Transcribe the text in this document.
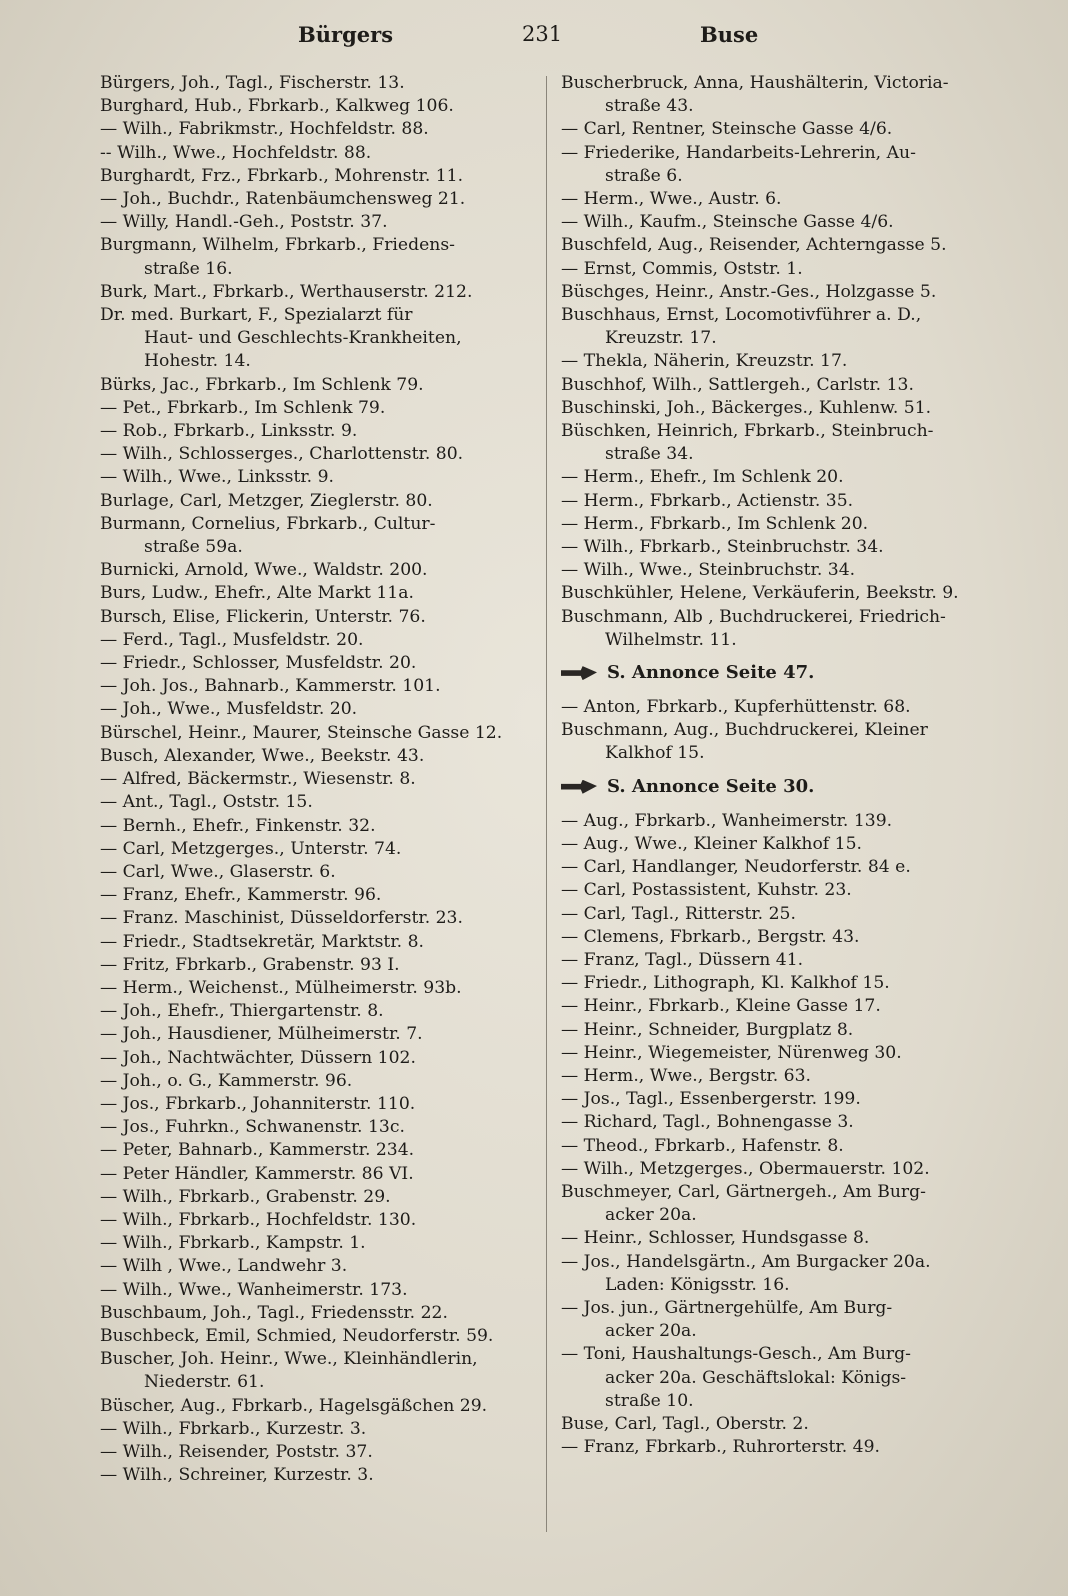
Bürgers	231	Buse
Bürgers, Joh., Tagl., Fischerstr. 13.
Burghard, Hub., Fbrkarb., Kalkweg 106.
— Wilh., Fabrikmstr., Hochfeldstr. 88.
-- Wilh., Wwe., Hochfeldstr. 88.
Burghardt, Frz., Fbrkarb., Mohrenstr. 11.
— Joh., Buchdr., Ratenbäumchensweg 21.
— Willy, Handl.-Geh., Poststr. 37.
Burgmann, Wilhelm, Fbrkarb., Friedens-
straße 16.
Burk, Mart., Fbrkarb., Werthauserstr. 212.
Dr. med. Burkart, F., Spezialarzt für
Haut- und Geschlechts-Krankheiten,
Hohestr. 14.
Bürks, Jac., Fbrkarb., Im Schlenk 79.
— Pet., Fbrkarb., Im Schlenk 79.
— Rob., Fbrkarb., Linksstr. 9.
— Wilh., Schlosserges., Charlottenstr. 80.
— Wilh., Wwe., Linksstr. 9.
Burlage, Carl, Metzger, Zieglerstr. 80.
Burmann, Cornelius, Fbrkarb., Cultur-
straße 59a.
Burnicki, Arnold, Wwe., Waldstr. 200.
Burs, Ludw., Ehefr., Alte Markt 11a.
Bursch, Elise, Flickerin, Unterstr. 76.
— Ferd., Tagl., Musfeldstr. 20.
— Friedr., Schlosser, Musfeldstr. 20.
— Joh. Jos., Bahnarb., Kammerstr. 101.
— Joh., Wwe., Musfeldstr. 20.
Bürschel, Heinr., Maurer, Steinsche Gasse 12.
Busch, Alexander, Wwe., Beekstr. 43.
— Alfred, Bäckermstr., Wiesenstr. 8.
— Ant., Tagl., Oststr. 15.
— Bernh., Ehefr., Finkenstr. 32.
— Carl, Metzgerges., Unterstr. 74.
— Carl, Wwe., Glaserstr. 6.
— Franz, Ehefr., Kammerstr. 96.
— Franz. Maschinist, Düsseldorferstr. 23.
— Friedr., Stadtsekretär, Marktstr. 8.
— Fritz, Fbrkarb., Grabenstr. 93 I.
— Herm., Weichenst., Mülheimerstr. 93b.
— Joh., Ehefr., Thiergartenstr. 8.
— Joh., Hausdiener, Mülheimerstr. 7.
— Joh., Nachtwächter, Düssern 102.
— Joh., o. G., Kammerstr. 96.
— Jos., Fbrkarb., Johanniterstr. 110.
— Jos., Fuhrkn., Schwanenstr. 13c.
— Peter, Bahnarb., Kammerstr. 234.
— Peter Händler, Kammerstr. 86 VI.
— Wilh., Fbrkarb., Grabenstr. 29.
— Wilh., Fbrkarb., Hochfeldstr. 130.
— Wilh., Fbrkarb., Kampstr. 1.
— Wilh , Wwe., Landwehr 3.
— Wilh., Wwe., Wanheimerstr. 173.
Buschbaum, Joh., Tagl., Friedensstr. 22.
Buschbeck, Emil, Schmied, Neudorferstr. 59.
Buscher, Joh. Heinr., Wwe., Kleinhändlerin,
Niederstr. 61.
Büscher, Aug., Fbrkarb., Hagelsgäßchen 29.
— Wilh., Fbrkarb., Kurzestr. 3.
— Wilh., Reisender, Poststr. 37.
— Wilh., Schreiner, Kurzestr. 3.
Buscherbruck, Anna, Haushälterin, Victoria-
straße 43.
— Carl, Rentner, Steinsche Gasse 4/6.
— Friederike, Handarbeits-Lehrerin, Au-
straße 6.
— Herm., Wwe., Austr. 6.
— Wilh., Kaufm., Steinsche Gasse 4/6.
Buschfeld, Aug., Reisender, Achterngasse 5.
— Ernst, Commis, Oststr. 1.
Büschges, Heinr., Anstr.-Ges., Holzgasse 5.
Buschhaus, Ernst, Locomotivführer a. D.,
Kreuzstr. 17.
— Thekla, Näherin, Kreuzstr. 17.
Buschhof, Wilh., Sattlergeh., Carlstr. 13.
Buschinski, Joh., Bäckerges., Kuhlenw. 51.
Büschken, Heinrich, Fbrkarb., Steinbruch-
straße 34.
— Herm., Ehefr., Im Schlenk 20.
— Herm., Fbrkarb., Actienstr. 35.
— Herm., Fbrkarb., Im Schlenk 20.
— Wilh., Fbrkarb., Steinbruchstr. 34.
— Wilh., Wwe., Steinbruchstr. 34.
Buschkühler, Helene, Verkäuferin, Beekstr. 9.
Buschmann, Alb , Buchdruckerei, Friedrich-
Wilhelmstr. 11.
S. Annonce Seite 47.
— Anton, Fbrkarb., Kupferhüttenstr. 68.
Buschmann, Aug., Buchdruckerei, Kleiner
Kalkhof 15.
S. Annonce Seite 30.
— Aug., Fbrkarb., Wanheimerstr. 139.
— Aug., Wwe., Kleiner Kalkhof 15.
— Carl, Handlanger, Neudorferstr. 84 e.
— Carl, Postassistent, Kuhstr. 23.
— Carl, Tagl., Ritterstr. 25.
— Clemens, Fbrkarb., Bergstr. 43.
— Franz, Tagl., Düssern 41.
— Friedr., Lithograph, Kl. Kalkhof 15.
— Heinr., Fbrkarb., Kleine Gasse 17.
— Heinr., Schneider, Burgplatz 8.
— Heinr., Wiegemeister, Nürenweg 30.
— Herm., Wwe., Bergstr. 63.
— Jos., Tagl., Essenbergerstr. 199.
— Richard, Tagl., Bohnengasse 3.
— Theod., Fbrkarb., Hafenstr. 8.
— Wilh., Metzgerges., Obermauerstr. 102.
Buschmeyer, Carl, Gärtnergeh., Am Burg-
acker 20a.
— Heinr., Schlosser, Hundsgasse 8.
— Jos., Handelsgärtn., Am Burgacker 20a.
Laden: Königsstr. 16.
— Jos. jun., Gärtnergehülfe, Am Burg-
acker 20a.
— Toni, Haushaltungs-Gesch., Am Burg-
acker 20a. Geschäftslokal: Königs-
straße 10.
Buse, Carl, Tagl., Oberstr. 2.
— Franz, Fbrkarb., Ruhrorterstr. 49.
